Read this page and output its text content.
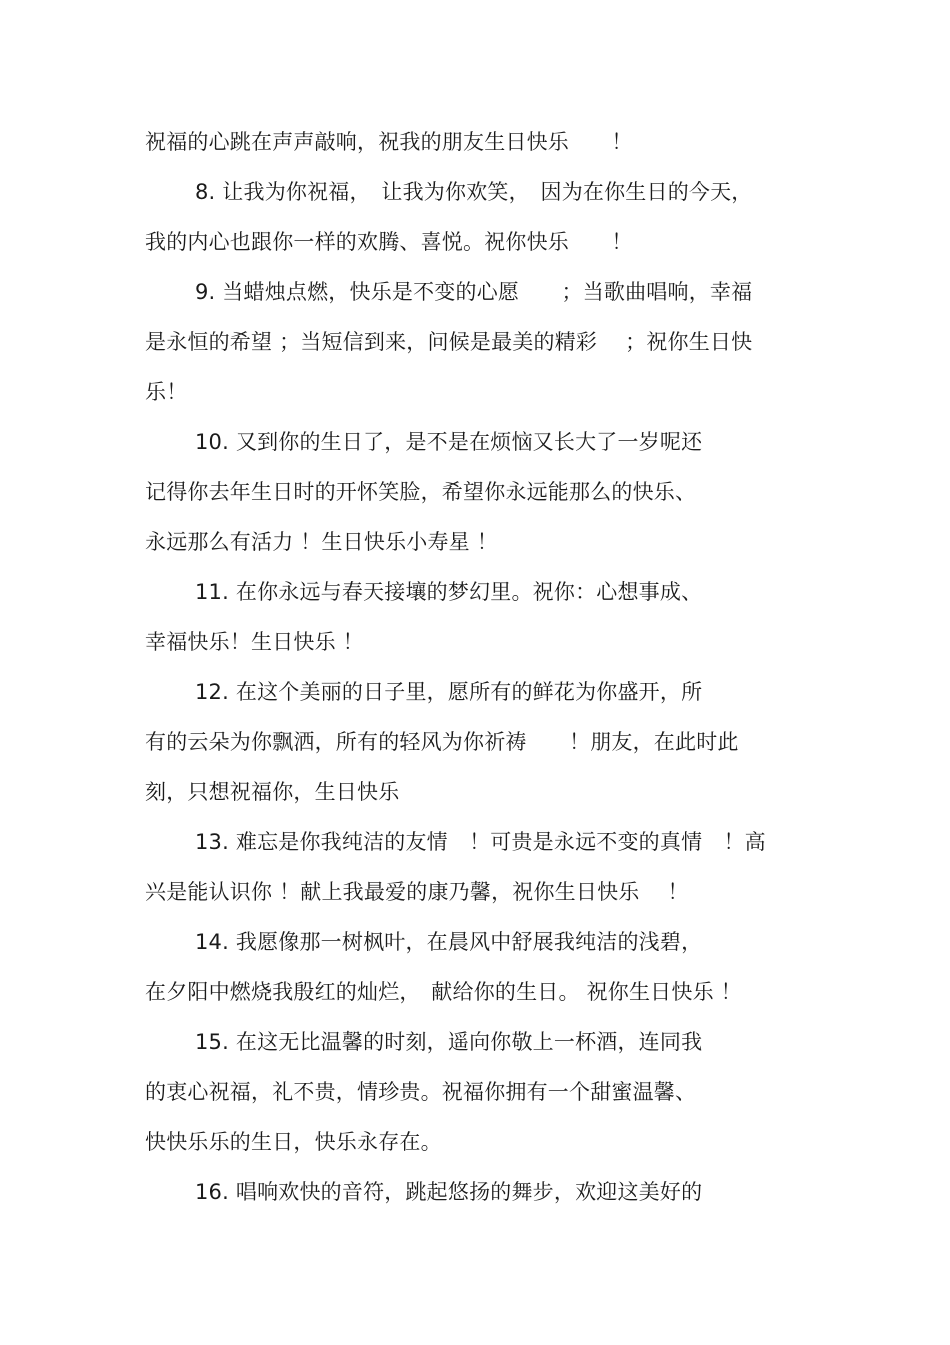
祝福的心跳在声声敲响，祝我的朋友生日快乐　　！
8. 让我为你祝福，　让我为你欢笑，　因为在你生日的今天，
我的内心也跟你一样的欢腾、喜悦。祝你快乐　　！
9. 当蜡烛点燃，快乐是不变的心愿　　；当歌曲唱响，幸福
是永恒的希望 ；当短信到来，问候是最美的精彩　 ；祝你生日快
乐！
10. 又到你的生日了，是不是在烦恼又长大了一岁呢还
记得你去年生日时的开怀笑脸，希望你永远能那么的快乐、
永远那么有活力 ！生日快乐小寿星 ！
11. 在你永远与春天接壤的梦幻里。祝你：心想事成、
幸福快乐！生日快乐 ！
12. 在这个美丽的日子里，愿所有的鲜花为你盛开，所
有的云朵为你飘洒，所有的轻风为你祈祷　　！朋友，在此时此
刻，只想祝福你，生日快乐
13. 难忘是你我纯洁的友情　！可贵是永远不变的真情　！高
兴是能认识你 ！献上我最爱的康乃馨，祝你生日快乐　 ！
14. 我愿像那一树枫叶，在晨风中舒展我纯洁的浅碧，
在夕阳中燃烧我殷红的灿烂，　献给你的生日。 祝你生日快乐 ！
15. 在这无比温馨的时刻，遥向你敬上一杯酒，连同我
的衷心祝福，礼不贵，情珍贵。祝福你拥有一个甜蜜温馨、
快快乐乐的生日，快乐永存在。
16. 唱响欢快的音符，跳起悠扬的舞步，欢迎这美好的
